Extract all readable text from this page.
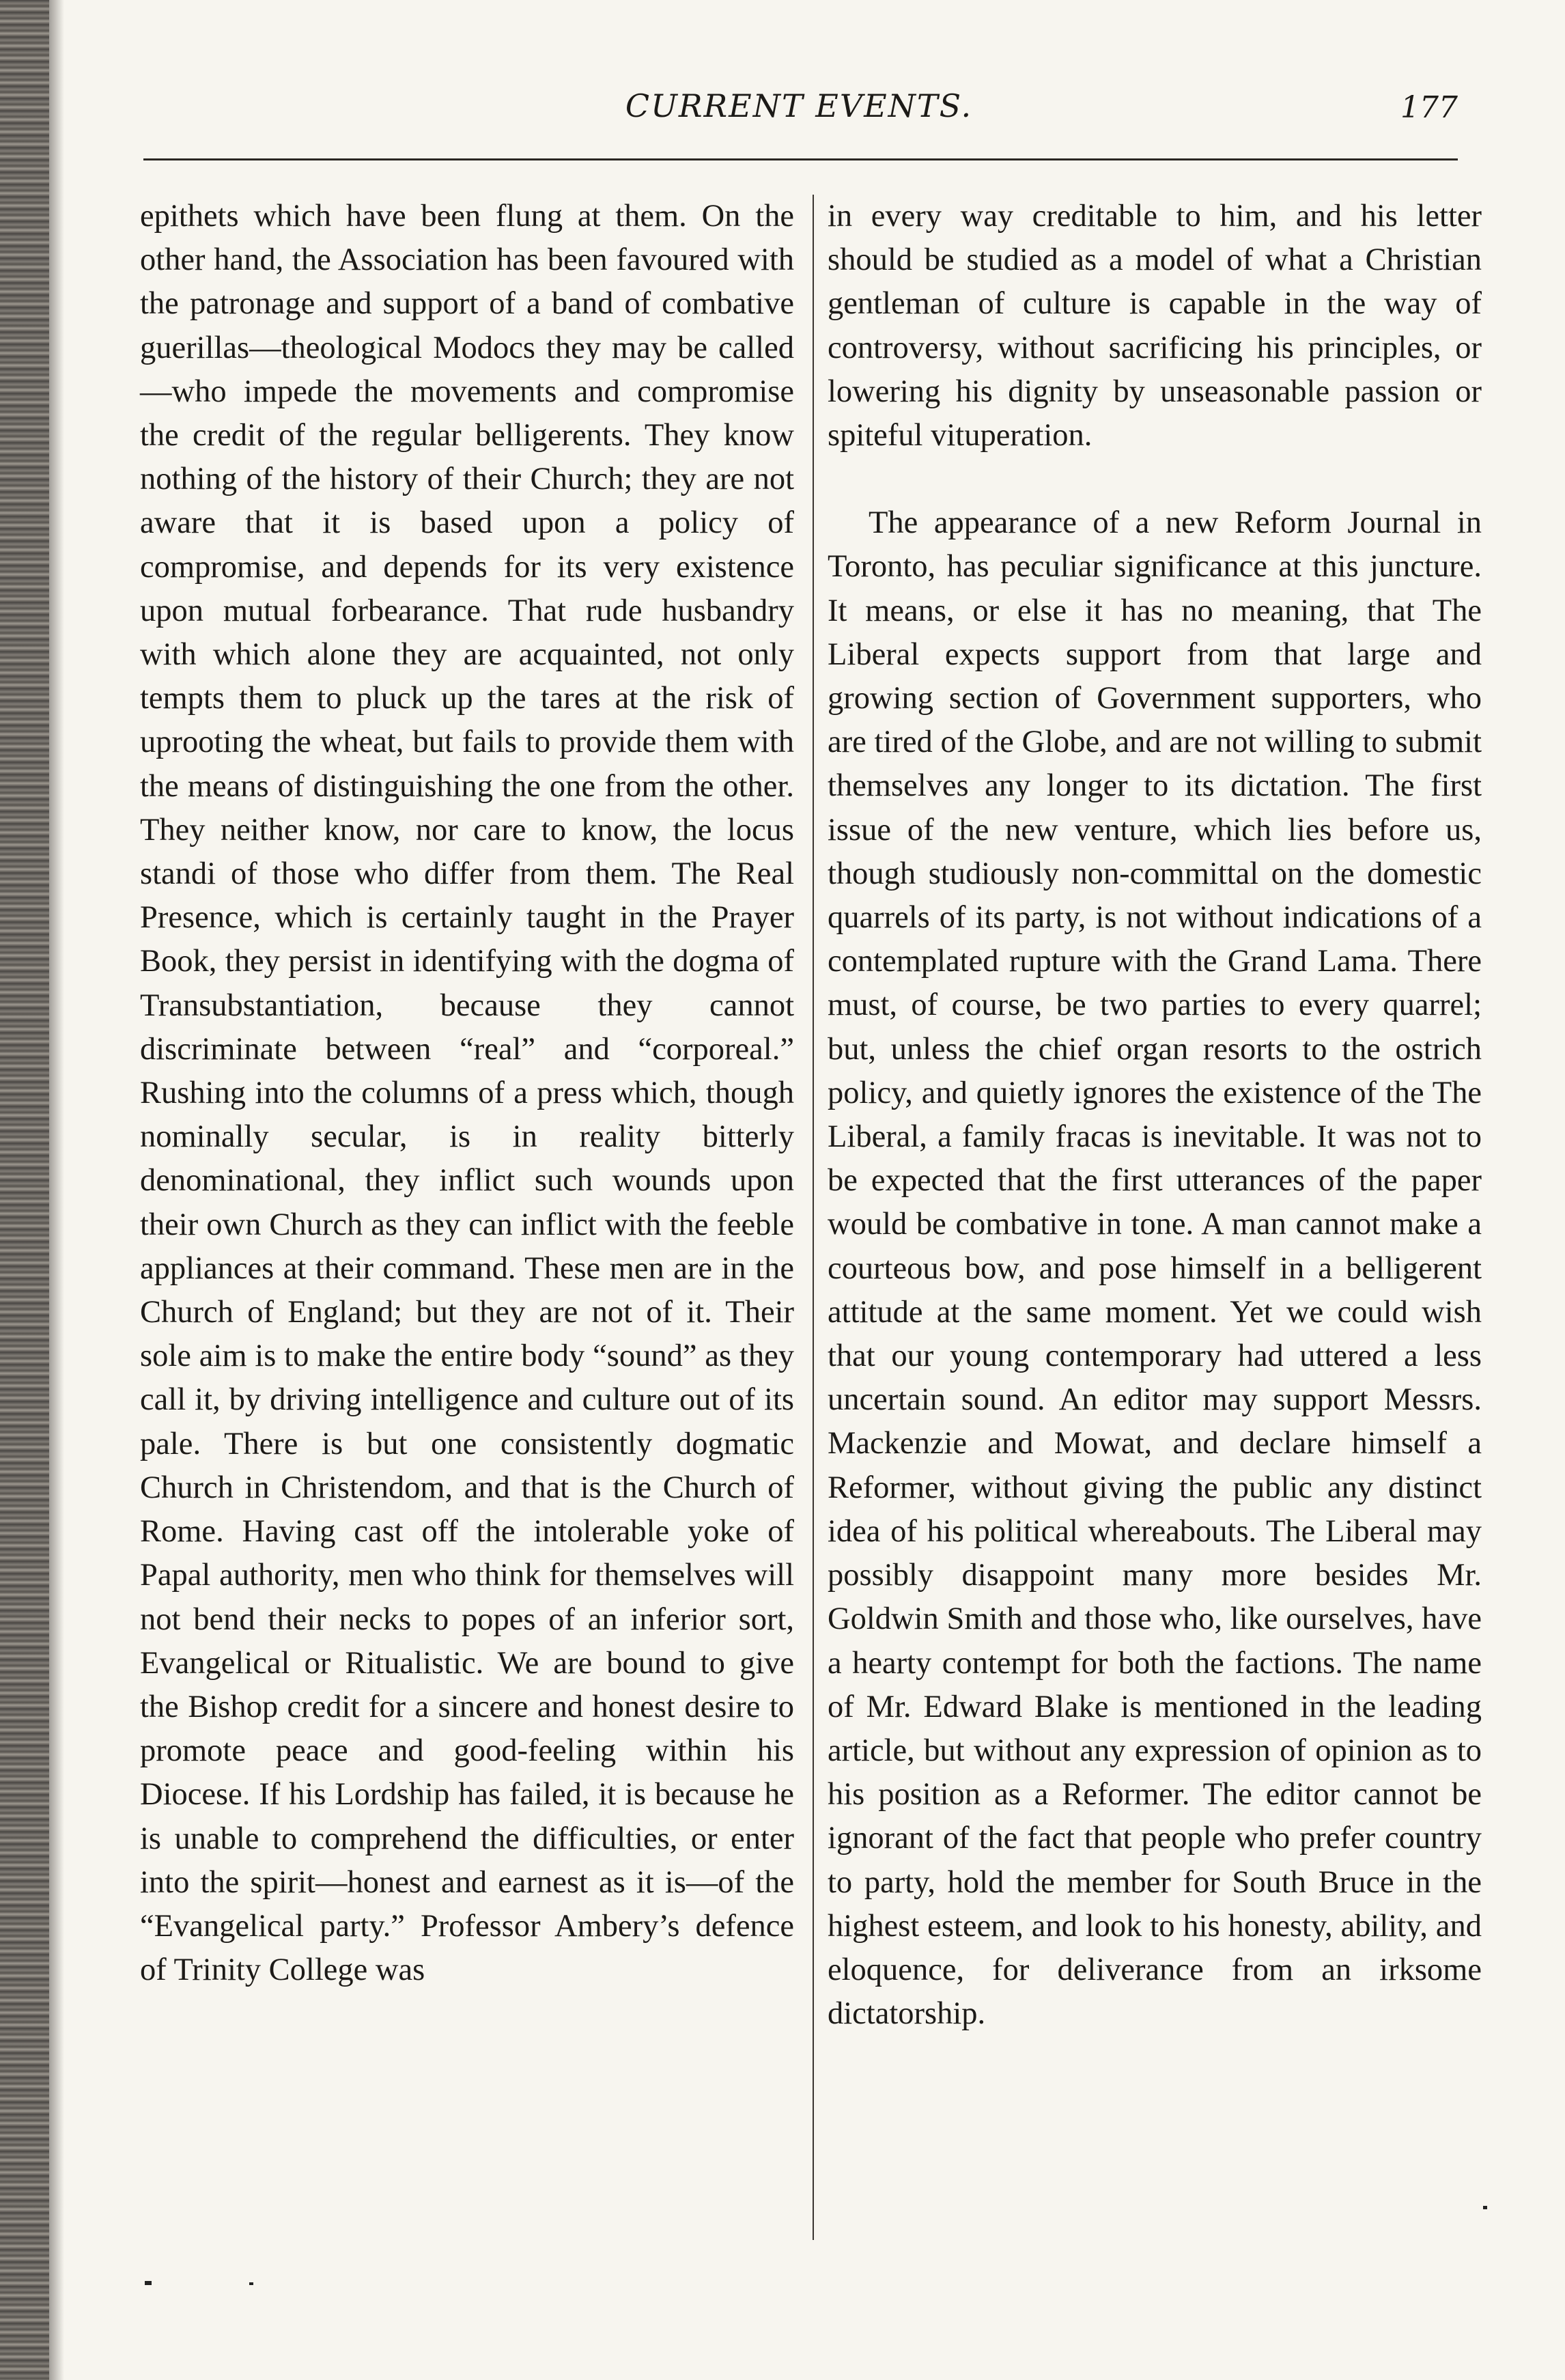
CURRENT EVENTS.	177

epithets which have been flung at them. On the other hand, the Association has been favoured with the patronage and support of a band of combative guerillas—theological Modocs they may be called—who impede the movements and compromise the credit of the regular belligerents. They know nothing of the history of their Church; they are not aware that it is based upon a policy of compromise, and depends for its very existence upon mutual forbearance. That rude husbandry with which alone they are acquainted, not only tempts them to pluck up the tares at the risk of uprooting the wheat, but fails to provide them with the means of distinguishing the one from the other. They neither know, nor care to know, the locus standi of those who differ from them. The Real Presence, which is certainly taught in the Prayer Book, they persist in identifying with the dogma of Transubstantiation, because they cannot discriminate between “real” and “corporeal.” Rushing into the columns of a press which, though nominally secular, is in reality bitterly denominational, they inflict such wounds upon their own Church as they can inflict with the feeble appliances at their command. These men are in the Church of England; but they are not of it. Their sole aim is to make the entire body “sound” as they call it, by driving intelligence and culture out of its pale. There is but one consistently dogmatic Church in Christendom, and that is the Church of Rome. Having cast off the intolerable yoke of Papal authority, men who think for themselves will not bend their necks to popes of an inferior sort, Evangelical or Ritualistic. We are bound to give the Bishop credit for a sincere and honest desire to promote peace and good-feeling within his Diocese. If his Lordship has failed, it is because he is unable to comprehend the difficulties, or enter into the spirit—honest and earnest as it is—of the “Evangelical party.” Professor Ambery’s defence of Trinity College was

in every way creditable to him, and his letter should be studied as a model of what a Christian gentleman of culture is capable in the way of controversy, without sacrificing his principles, or lowering his dignity by unseasonable passion or spiteful vituperation.

The appearance of a new Reform Journal in Toronto, has peculiar significance at this juncture. It means, or else it has no meaning, that The Liberal expects support from that large and growing section of Government supporters, who are tired of the Globe, and are not willing to submit themselves any longer to its dictation. The first issue of the new venture, which lies before us, though studiously non-committal on the domestic quarrels of its party, is not without indications of a contemplated rupture with the Grand Lama. There must, of course, be two parties to every quarrel; but, unless the chief organ resorts to the ostrich policy, and quietly ignores the existence of the The Liberal, a family fracas is inevitable. It was not to be expected that the first utterances of the paper would be combative in tone. A man cannot make a courteous bow, and pose himself in a belligerent attitude at the same moment. Yet we could wish that our young contemporary had uttered a less uncertain sound. An editor may support Messrs. Mackenzie and Mowat, and declare himself a Reformer, without giving the public any distinct idea of his political whereabouts. The Liberal may possibly disappoint many more besides Mr. Goldwin Smith and those who, like ourselves, have a hearty contempt for both the factions. The name of Mr. Edward Blake is mentioned in the leading article, but without any expression of opinion as to his position as a Reformer. The editor cannot be ignorant of the fact that people who prefer country to party, hold the member for South Bruce in the highest esteem, and look to his honesty, ability, and eloquence, for deliverance from an irksome dictatorship.
